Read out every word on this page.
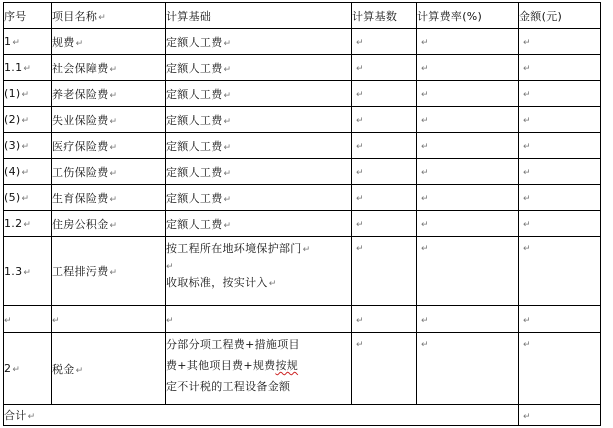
序号	项目名称↵	计算基础	计算基数	计算费率(%)	金额(元)
1↵	规费↵	定额人工费↵	↵	↵	↵
1.1↵	社会保障费↵	定额人工费↵	↵	↵	↵
(1)↵	养老保险费↵	定额人工费↵	↵	↵	↵
(2)↵	失业保险费↵	定额人工费↵	↵	↵	↵
(3)↵	医疗保险费↵	定额人工费↵	↵	↵	↵
(4)↵	工伤保险费↵	定额人工费↵	↵	↵	↵
(5)↵	生育保险费↵	定额人工费↵	↵	↵	↵
1.2↵	住房公积金↵	定额人工费↵	↵	↵	↵
1.3↵	工程排污费↵	按工程所在地环境保护部门↵
↵
收取标准，按实计入↵	↵	↵	↵
↵	↵	↵	↵	↵	↵
2↵	税金↵	分部分项工程费+措施项目
费+其他项目费+规费按规
定不计税的工程设备金额	↵	↵	↵
合计↵					↵
